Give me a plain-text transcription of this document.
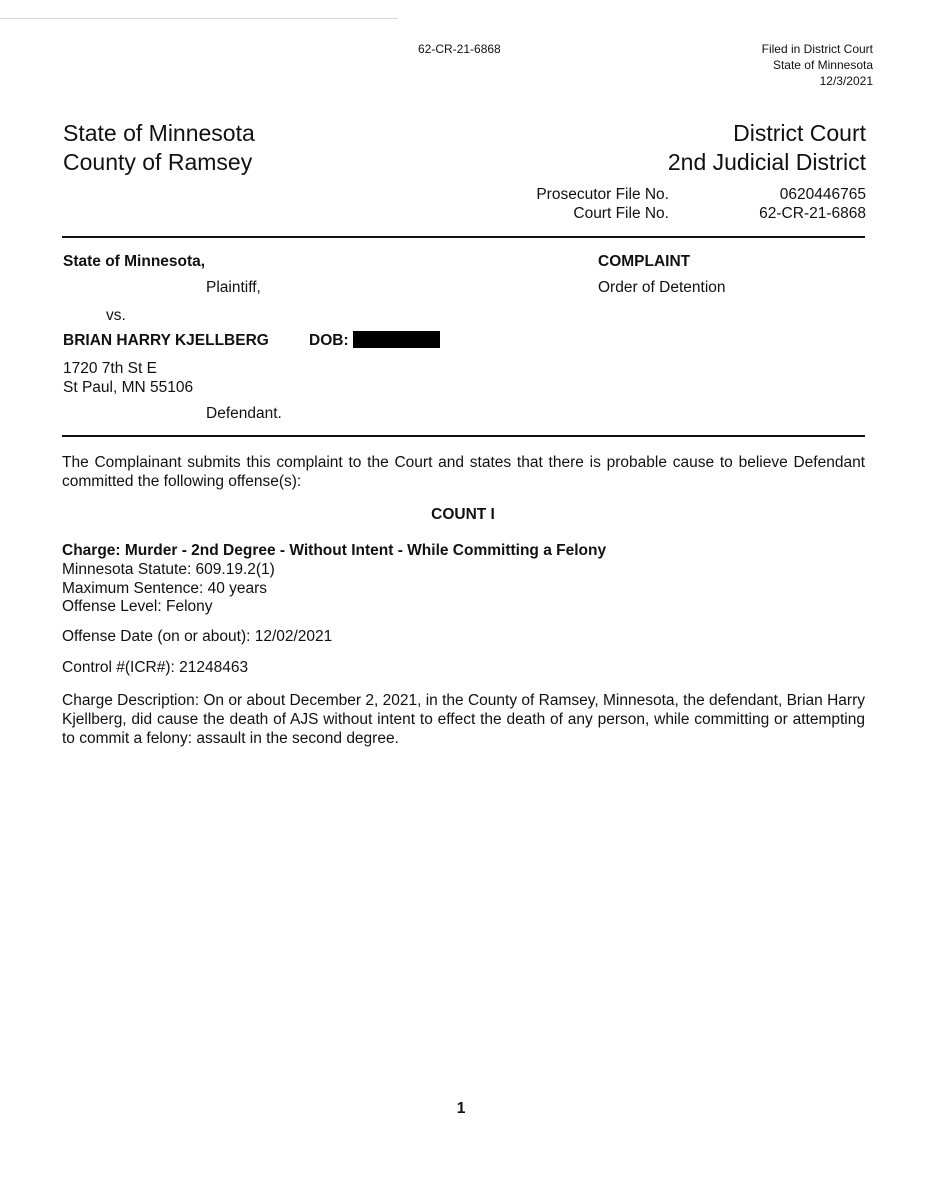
62-CR-21-6868	Filed in District Court
State of Minnesota
12/3/2021
State of Minnesota
County of Ramsey
District Court
2nd Judicial District
Prosecutor File No.	0620446765
Court File No.	62-CR-21-6868
State of Minnesota,
Plaintiff,
COMPLAINT
Order of Detention
vs.
BRIAN HARRY KJELLBERG	DOB:
1720 7th St E
St Paul, MN 55106
Defendant.
The Complainant submits this complaint to the Court and states that there is probable cause to believe Defendant committed the following offense(s):
COUNT I
Charge: Murder - 2nd Degree - Without Intent - While Committing a Felony
Minnesota Statute: 609.19.2(1)
Maximum Sentence: 40 years
Offense Level: Felony
Offense Date (on or about): 12/02/2021
Control #(ICR#): 21248463
Charge Description: On or about December 2, 2021, in the County of Ramsey, Minnesota, the defendant, Brian Harry Kjellberg, did cause the death of AJS without intent to effect the death of any person, while committing or attempting to commit a felony: assault in the second degree.
1
